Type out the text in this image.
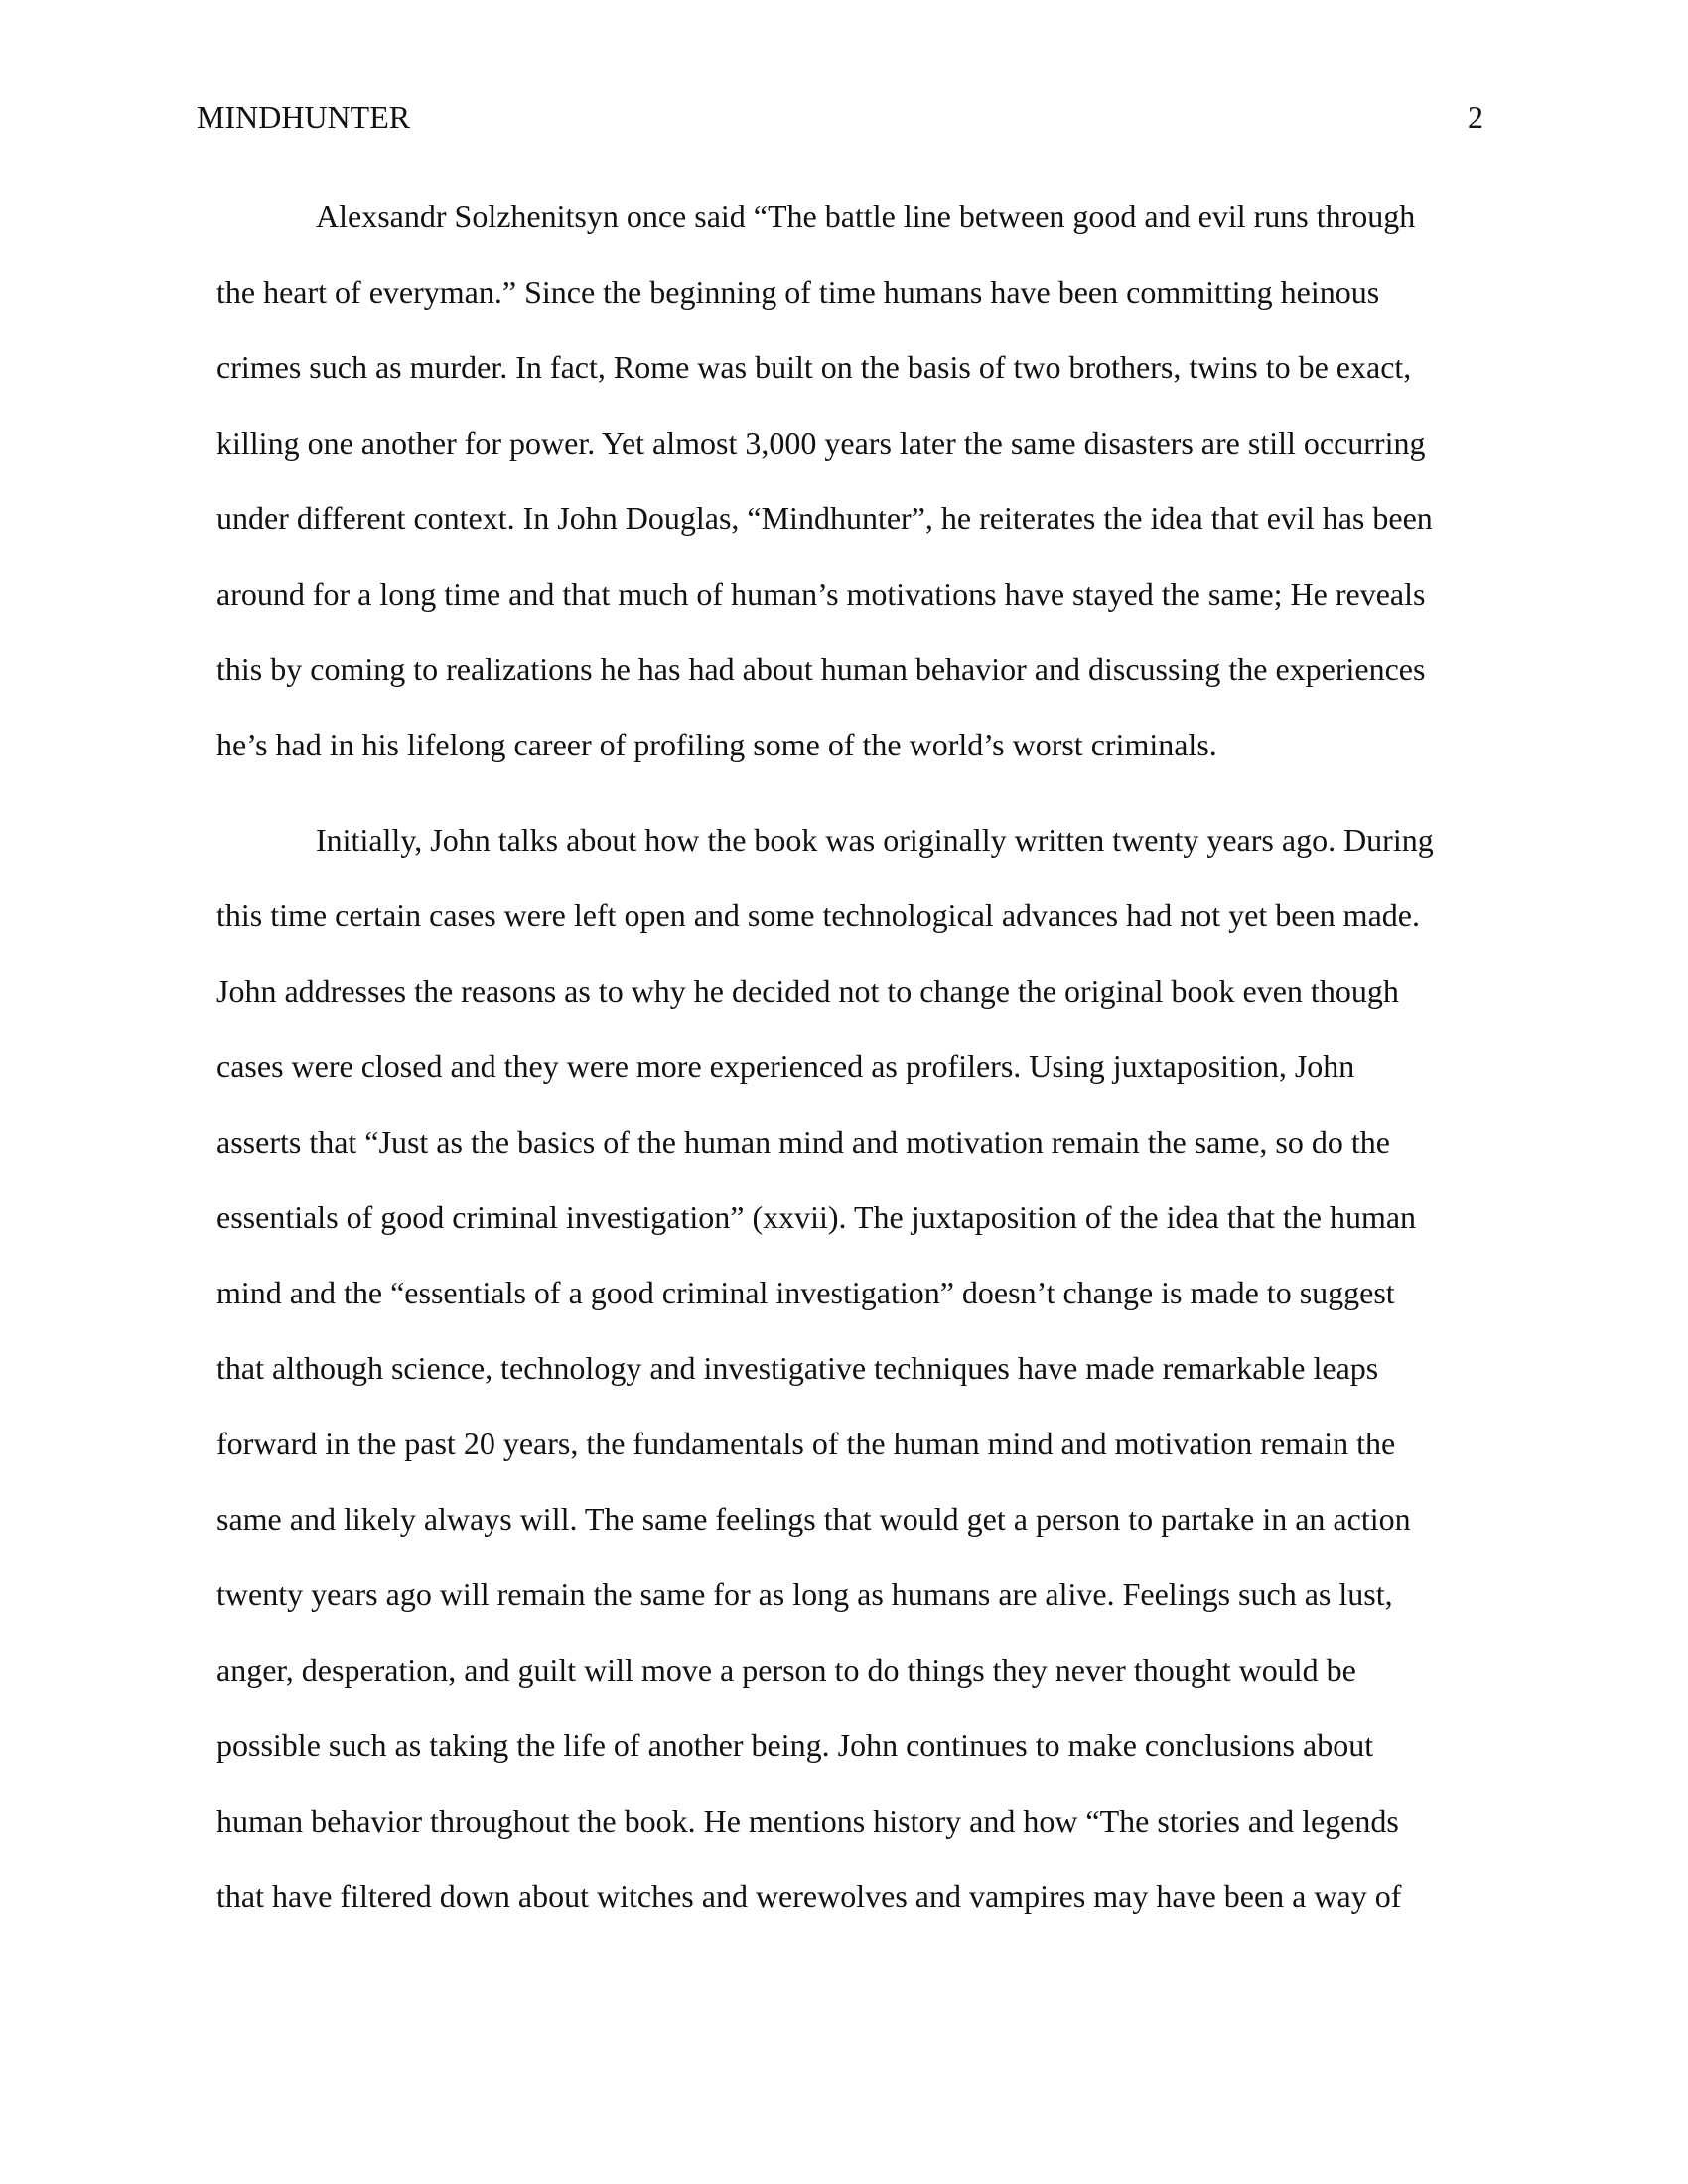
MINDHUNTER	2
Alexsandr Solzhenitsyn once said “The battle line between good and evil runs through
the heart of everyman.” Since the beginning of time humans have been committing heinous
crimes such as murder. In fact, Rome was built on the basis of two brothers, twins to be exact,
killing one another for power. Yet almost 3,000 years later the same disasters are still occurring
under different context. In John Douglas, “Mindhunter”, he reiterates the idea that evil has been
around for a long time and that much of human’s motivations have stayed the same; He reveals
this by coming to realizations he has had about human behavior and discussing the experiences
he’s had in his lifelong career of profiling some of the world’s worst criminals.
Initially, John talks about how the book was originally written twenty years ago. During
this time certain cases were left open and some technological advances had not yet been made.
John addresses the reasons as to why he decided not to change the original book even though
cases were closed and they were more experienced as profilers. Using juxtaposition, John
asserts that “Just as the basics of the human mind and motivation remain the same, so do the
essentials of good criminal investigation” (xxvii). The juxtaposition of the idea that the human
mind and the “essentials of a good criminal investigation” doesn’t change is made to suggest
that although science, technology and investigative techniques have made remarkable leaps
forward in the past 20 years, the fundamentals of the human mind and motivation remain the
same and likely always will. The same feelings that would get a person to partake in an action
twenty years ago will remain the same for as long as humans are alive. Feelings such as lust,
anger, desperation, and guilt will move a person to do things they never thought would be
possible such as taking the life of another being. John continues to make conclusions about
human behavior throughout the book. He mentions history and how “The stories and legends
that have filtered down about witches and werewolves and vampires may have been a way of
